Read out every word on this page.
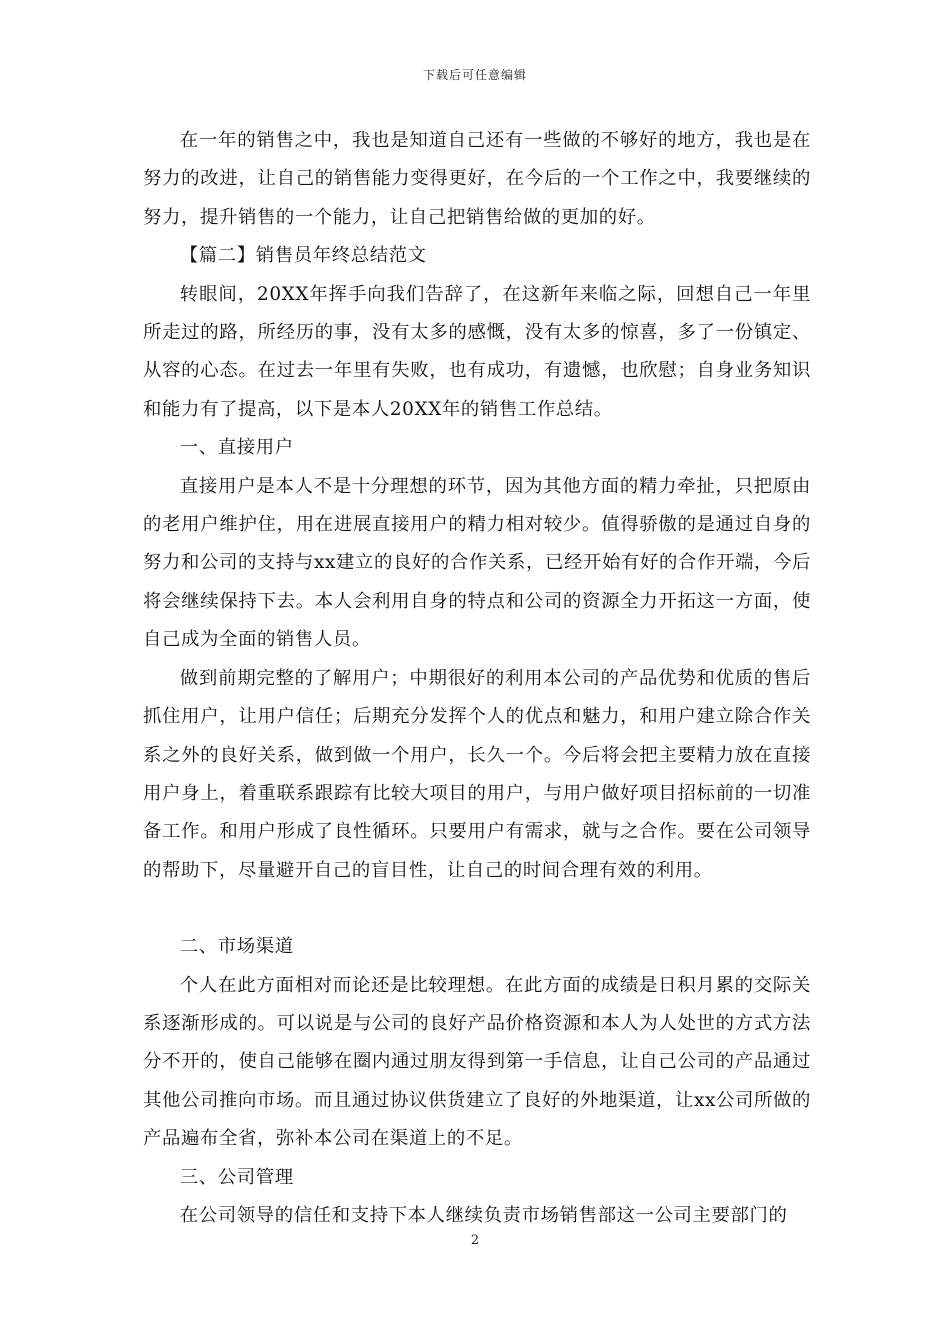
下载后可任意编辑

在一年的销售之中，我也是知道自己还有一些做的不够好的地方，我也是在努力的改进，让自己的销售能力变得更好，在今后的一个工作之中，我要继续的努力，提升销售的一个能力，让自己把销售给做的更加的好。

【篇二】销售员年终总结范文

转眼间，20XX年挥手向我们告辞了，在这新年来临之际，回想自己一年里所走过的路，所经历的事，没有太多的感慨，没有太多的惊喜，多了一份镇定、从容的心态。在过去一年里有失败，也有成功，有遗憾，也欣慰；自身业务知识和能力有了提高，以下是本人20XX年的销售工作总结。

一、直接用户

直接用户是本人不是十分理想的环节，因为其他方面的精力牵扯，只把原由的老用户维护住，用在进展直接用户的精力相对较少。值得骄傲的是通过自身的努力和公司的支持与xx建立的良好的合作关系，已经开始有好的合作开端，今后将会继续保持下去。本人会利用自身的特点和公司的资源全力开拓这一方面，使自己成为全面的销售人员。

做到前期完整的了解用户；中期很好的利用本公司的产品优势和优质的售后抓住用户，让用户信任；后期充分发挥个人的优点和魅力，和用户建立除合作关系之外的良好关系，做到做一个用户，长久一个。今后将会把主要精力放在直接用户身上，着重联系跟踪有比较大项目的用户，与用户做好项目招标前的一切准备工作。和用户形成了良性循环。只要用户有需求，就与之合作。要在公司领导的帮助下，尽量避开自己的盲目性，让自己的时间合理有效的利用。

二、市场渠道

个人在此方面相对而论还是比较理想。在此方面的成绩是日积月累的交际关系逐渐形成的。可以说是与公司的良好产品价格资源和本人为人处世的方式方法分不开的，使自己能够在圈内通过朋友得到第一手信息，让自己公司的产品通过其他公司推向市场。而且通过协议供货建立了良好的外地渠道，让xx公司所做的产品遍布全省，弥补本公司在渠道上的不足。

三、公司管理

在公司领导的信任和支持下本人继续负责市场销售部这一公司主要部门的

2
